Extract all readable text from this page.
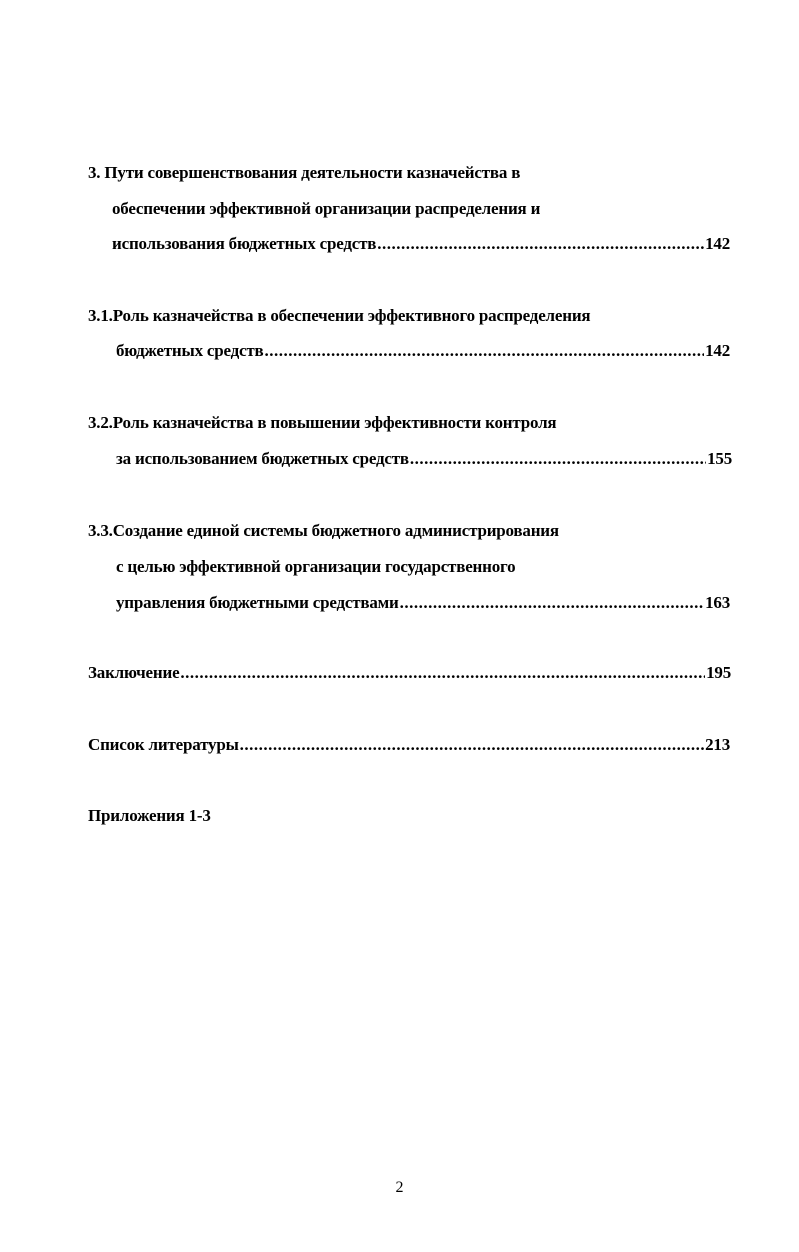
3. Пути совершенствования деятельности казначейства в
обеспечении эффективной организации распределения и
использования бюджетных средств .....	142
3.1.Роль казначейства в обеспечении эффективного распределения
бюджетных средств .....	142
3.2.Роль казначейства в повышении эффективности контроля
за использованием бюджетных средств .....	155
3.3.Создание единой системы бюджетного администрирования
с целью эффективной организации государственного
управления бюджетными средствами .....	163
Заключение .....	195
Список литературы .....	213
Приложения 1-3
2
